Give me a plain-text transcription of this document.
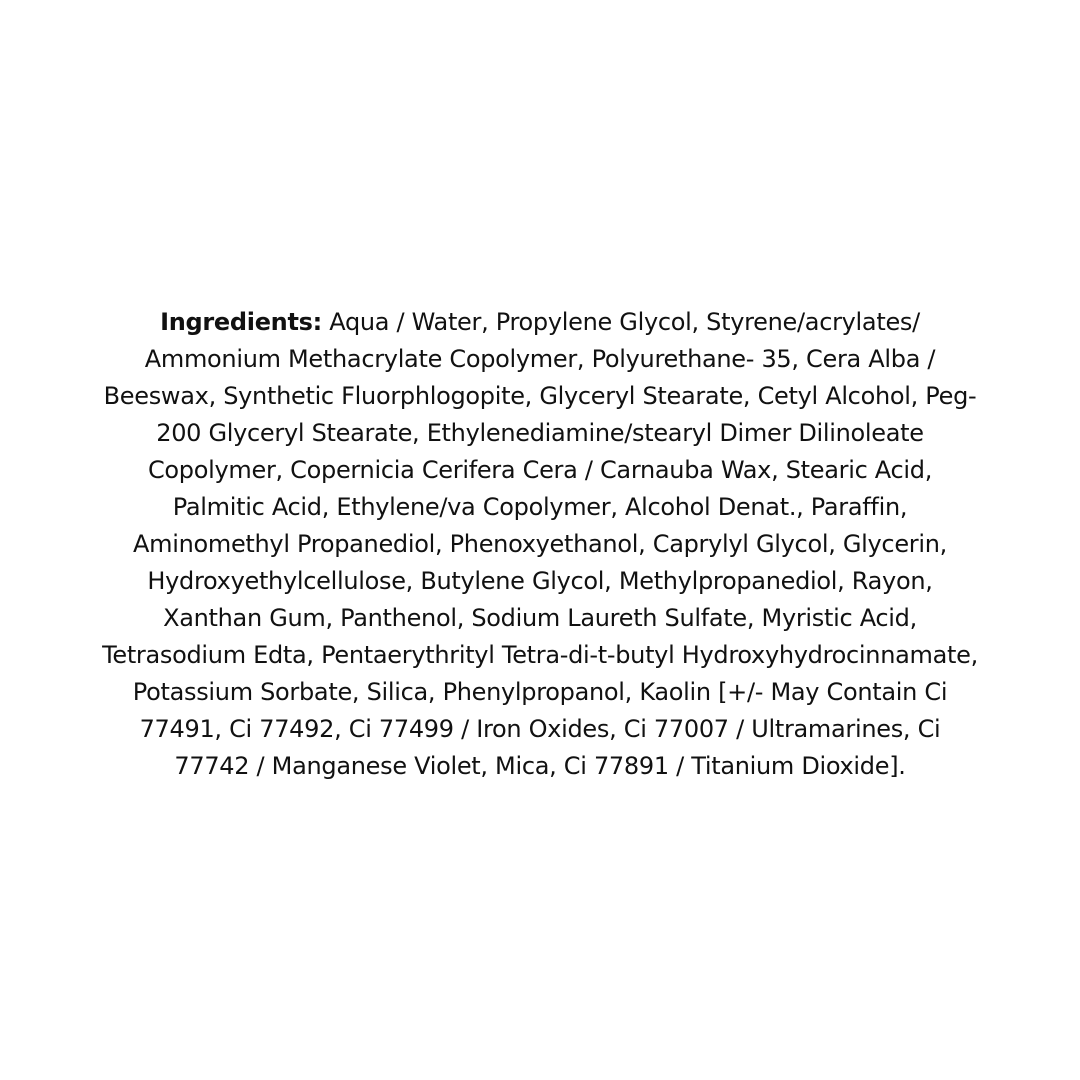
Ingredients: Aqua / Water, Propylene Glycol, Styrene/acrylates/ Ammonium Methacrylate Copolymer, Polyurethane- 35, Cera Alba / Beeswax, Synthetic Fluorphlogopite, Glyceryl Stearate, Cetyl Alcohol, Peg-200 Glyceryl Stearate, Ethylenediamine/stearyl Dimer Dilinoleate Copolymer, Copernicia Cerifera Cera / Carnauba Wax, Stearic Acid, Palmitic Acid, Ethylene/va Copolymer, Alcohol Denat., Paraffin, Aminomethyl Propanediol, Phenoxyethanol, Caprylyl Glycol, Glycerin, Hydroxyethylcellulose, Butylene Glycol, Methylpropanediol, Rayon, Xanthan Gum, Panthenol, Sodium Laureth Sulfate, Myristic Acid, Tetrasodium Edta, Pentaerythrityl Tetra-di-t-butyl Hydroxyhydrocinnamate, Potassium Sorbate, Silica, Phenylpropanol, Kaolin [+/- May Contain Ci 77491, Ci 77492, Ci 77499 / Iron Oxides, Ci 77007 / Ultramarines, Ci 77742 / Manganese Violet, Mica, Ci 77891 / Titanium Dioxide].
